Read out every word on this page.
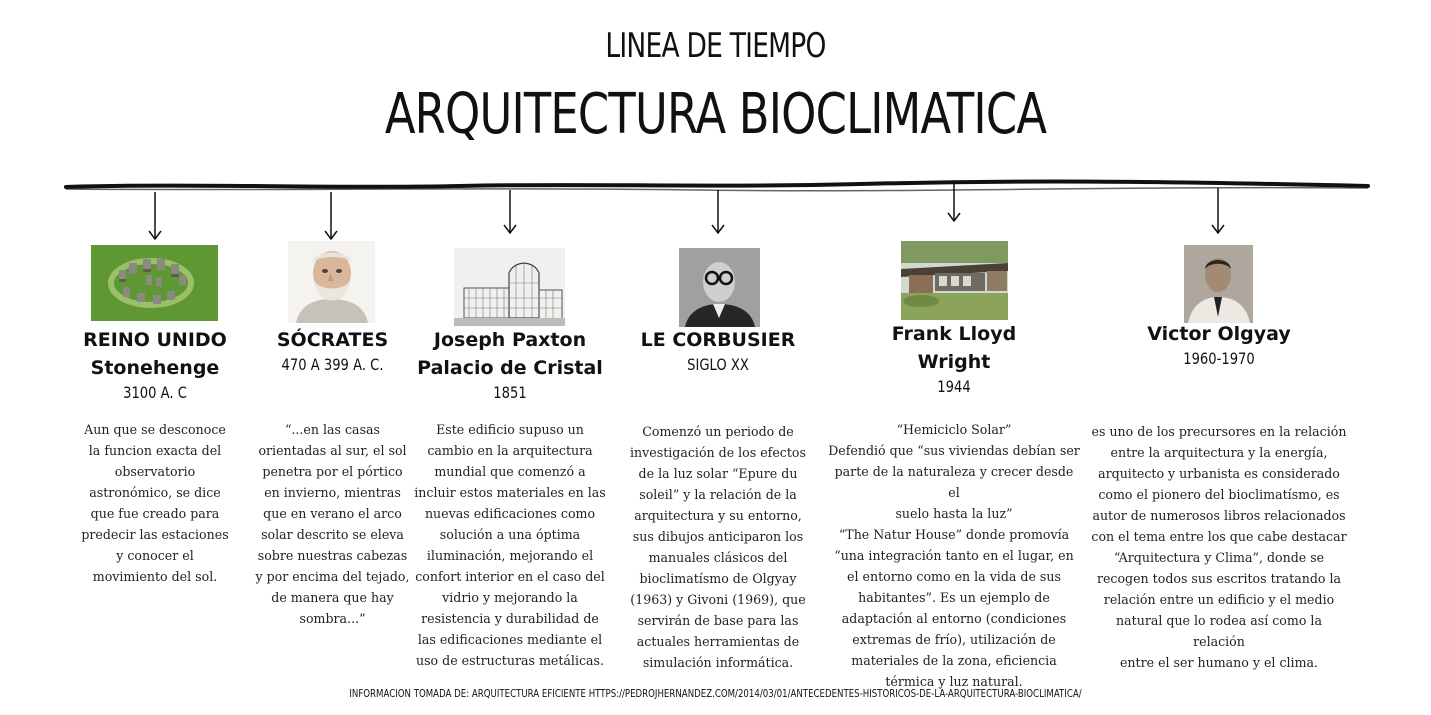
LINEA DE TIEMPO
ARQUITECTURA BIOCLIMATICA
REINO UNIDO
Stonehenge
3100 A. C
Aun que se desconoce
la funcion exacta del
observatorio
astronómico, se dice
que fue creado para
predecir las estaciones
y conocer el
movimiento del sol.
SÓCRATES
470 A 399 A. C.
“...en las casas
orientadas al sur, el sol
penetra por el pórtico
en invierno, mientras
que en verano el arco
solar descrito se eleva
sobre nuestras cabezas
y por encima del tejado,
de manera que hay
sombra...”
Joseph Paxton
Palacio de Cristal
1851
Este edificio supuso un
cambio en la arquitectura
mundial que comenzó a
incluir estos materiales en las
nuevas edificaciones como
solución a una óptima
iluminación, mejorando el
confort interior en el caso del
vidrio y mejorando la
resistencia y durabilidad de
las edificaciones mediante el
uso de estructuras metálicas.
LE CORBUSIER
SIGLO XX
Comenzó un periodo de
investigación de los efectos
de la luz solar “Epure du
soleil” y la relación de la
arquitectura y su entorno,
sus dibujos anticiparon los
manuales clásicos del
bioclimatísmo de Olgyay
(1963) y Givoni (1969), que
servirán de base para las
actuales herramientas de
simulación informática.
Frank Lloyd
Wright
1944
“Hemiciclo Solar”
Defendió que “sus viviendas debían ser
parte de la naturaleza y crecer desde el
suelo hasta la luz”
“The Natur House” donde promovía
“una integración tanto en el lugar, en
el entorno como en la vida de sus
habitantes”. Es un ejemplo de
adaptación al entorno (condiciones
extremas de frío), utilización de
materiales de la zona, eficiencia
térmica y luz natural.
Victor Olgyay
1960-1970
es uno de los precursores en la relación
entre la arquitectura y la energía,
arquitecto y urbanista es considerado
como el pionero del bioclimatísmo, es
autor de numerosos libros relacionados
con el tema entre los que cabe destacar
“Arquitectura y Clima”, donde se
recogen todos sus escritos tratando la
relación entre un edificio y el medio
natural que lo rodea así como la relación
entre el ser humano y el clima.
INFORMACION TOMADA DE: ARQUITECTURA EFICIENTE HTTPS://PEDROJHERNANDEZ.COM/2014/03/01/ANTECEDENTES-HISTORICOS-DE-LA-ARQUITECTURA-BIOCLIMATICA/
